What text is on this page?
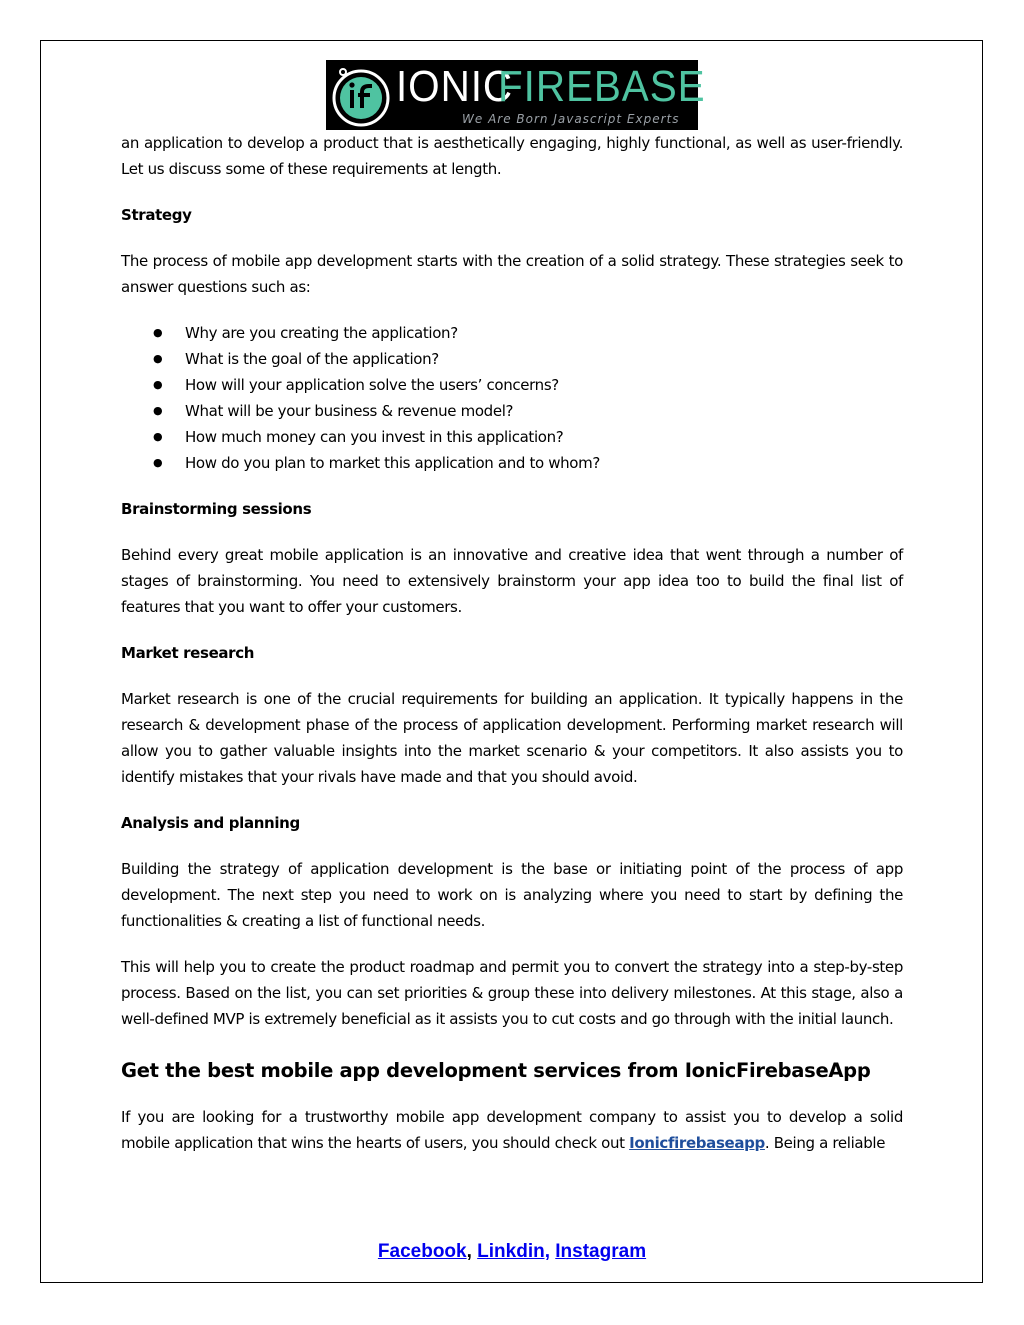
IONIC
FIREBASE
We Are Born Javascript Experts

an application to develop a product that is aesthetically engaging, highly functional, as well as user-friendly. Let us discuss some of these requirements at length.

Strategy

The process of mobile app development starts with the creation of a solid strategy. These strategies seek to answer questions such as:

● Why are you creating the application?
● What is the goal of the application?
● How will your application solve the users’ concerns?
● What will be your business & revenue model?
● How much money can you invest in this application?
● How do you plan to market this application and to whom?

Brainstorming sessions

Behind every great mobile application is an innovative and creative idea that went through a number of stages of brainstorming. You need to extensively brainstorm your app idea too to build the final list of features that you want to offer your customers.

Market research

Market research is one of the crucial requirements for building an application. It typically happens in the research & development phase of the process of application development. Performing market research will allow you to gather valuable insights into the market scenario & your competitors. It also assists you to identify mistakes that your rivals have made and that you should avoid.

Analysis and planning

Building the strategy of application development is the base or initiating point of the process of app development. The next step you need to work on is analyzing where you need to start by defining the functionalities & creating a list of functional needs.

This will help you to create the product roadmap and permit you to convert the strategy into a step-by-step process. Based on the list, you can set priorities & group these into delivery milestones. At this stage, also a well-defined MVP is extremely beneficial as it assists you to cut costs and go through with the initial launch.

Get the best mobile app development services from IonicFirebaseApp

If you are looking for a trustworthy mobile app development company to assist you to develop a solid mobile application that wins the hearts of users, you should check out Ionicfirebaseapp. Being a reliable

Facebook, Linkdin, Instagram
